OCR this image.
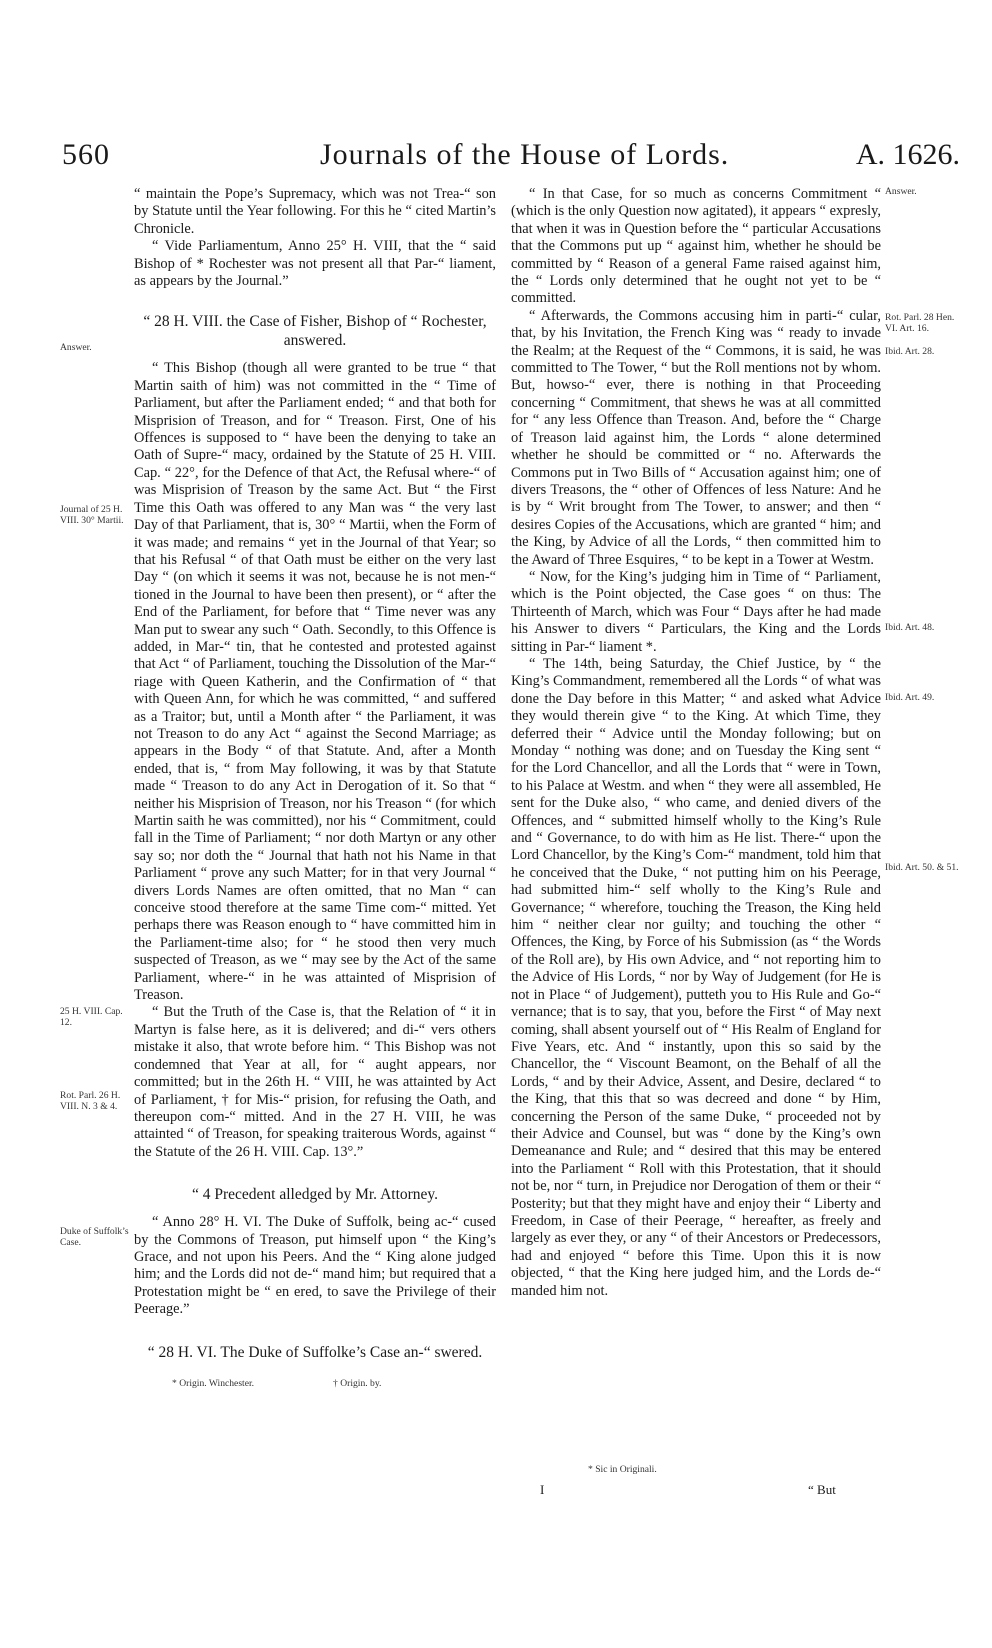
560	Journals of the House of Lords.	A. 1626.

“ maintain the Pope’s Supremacy, which was not Trea-“ son by Statute until the Year following. For this he “ cited Martin’s Chronicle.

“ Vide Parliamentum, Anno 25° H. VIII, that the “ said Bishop of * Rochester was not present all that Par-“ liament, as appears by the Journal.”

“ 28 H. VIII. the Case of Fisher, Bishop of “ Rochester, answered.

“ This Bishop (though all were granted to be true “ that Martin saith of him) was not committed in the “ Time of Parliament, but after the Parliament ended; “ and that both for Misprision of Treason, and for “ Treason. First, One of his Offences is supposed to “ have been the denying to take an Oath of Supre-“ macy, ordained by the Statute of 25 H. VIII. Cap. “ 22°, for the Defence of that Act, the Refusal where-“ of was Misprision of Treason by the same Act. But “ the First Time this Oath was offered to any Man was “ the very last Day of that Parliament, that is, 30° “ Martii, when the Form of it was made; and remains “ yet in the Journal of that Year; so that his Refusal “ of that Oath must be either on the very last Day “ (on which it seems it was not, because he is not men-“ tioned in the Journal to have been then present), or “ after the End of the Parliament, for before that “ Time never was any Man put to swear any such “ Oath. Secondly, to this Offence is added, in Mar-“ tin, that he contested and protested against that Act “ of Parliament, touching the Dissolution of the Mar-“ riage with Queen Katherin, and the Confirmation of “ that with Queen Ann, for which he was committed, “ and suffered as a Traitor; but, until a Month after “ the Parliament, it was not Treason to do any Act “ against the Second Marriage; as appears in the Body “ of that Statute. And, after a Month ended, that is, “ from May following, it was by that Statute made “ Treason to do any Act in Derogation of it. So that “ neither his Misprision of Treason, nor his Treason “ (for which Martin saith he was committed), nor his “ Commitment, could fall in the Time of Parliament; “ nor doth Martyn or any other say so; nor doth the “ Journal that hath not his Name in that Parliament “ prove any such Matter; for in that very Journal “ divers Lords Names are often omitted, that no Man “ can conceive stood therefore at the same Time com-“ mitted. Yet perhaps there was Reason enough to “ have committed him in the Parliament-time also; for “ he stood then very much suspected of Treason, as we “ may see by the Act of the same Parliament, where-“ in he was attainted of Misprision of Treason.

“ But the Truth of the Case is, that the Relation of “ it in Martyn is false here, as it is delivered; and di-“ vers others mistake it also, that wrote before him. “ This Bishop was not condemned that Year at all, for “ aught appears, nor committed; but in the 26th H. “ VIII, he was attainted by Act of Parliament, † for Mis-“ prision, for refusing the Oath, and thereupon com-“ mitted. And in the 27 H. VIII, he was attainted “ of Treason, for speaking traiterous Words, against “ the Statute of the 26 H. VIII. Cap. 13°.”

“ 4 Precedent alledged by Mr. Attorney.

“ Anno 28° H. VI. The Duke of Suffolk, being ac-“ cused by the Commons of Treason, put himself upon “ the King’s Grace, and not upon his Peers. And the “ King alone judged him; and the Lords did not de-“ mand him; but required that a Protestation might be “ en ered, to save the Privilege of their Peerage.”

“ 28 H. VI. The Duke of Suffolke’s Case an-“ swered.

“ In that Case, for so much as concerns Commitment “ (which is the only Question now agitated), it appears “ expresly, that when it was in Question before the “ particular Accusations that the Commons put up “ against him, whether he should be committed by “ Reason of a general Fame raised against him, the “ Lords only determined that he ought not yet to be “ committed.

“ Afterwards, the Commons accusing him in parti-“ cular, that, by his Invitation, the French King was “ ready to invade the Realm; at the Request of the “ Commons, it is said, he was committed to The Tower, “ but the Roll mentions not by whom. But, howso-“ ever, there is nothing in that Proceeding concerning “ Commitment, that shews he was at all committed for “ any less Offence than Treason. And, before the “ Charge of Treason laid against him, the Lords “ alone determined whether he should be committed or “ no. Afterwards the Commons put in Two Bills of “ Accusation against him; one of divers Treasons, the “ other of Offences of less Nature: And he is by “ Writ brought from The Tower, to answer; and then “ desires Copies of the Accusations, which are granted “ him; and the King, by Advice of all the Lords, “ then committed him to the Award of Three Esquires, “ to be kept in a Tower at Westm.

“ Now, for the King’s judging him in Time of “ Parliament, which is the Point objected, the Case goes “ on thus: The Thirteenth of March, which was Four “ Days after he had made his Answer to divers “ Particulars, the King and the Lords sitting in Par-“ liament *.

“ The 14th, being Saturday, the Chief Justice, by “ the King’s Commandment, remembered all the Lords “ of what was done the Day before in this Matter; “ and asked what Advice they would therein give “ to the King. At which Time, they deferred their “ Advice until the Monday following; but on Monday “ nothing was done; and on Tuesday the King sent “ for the Lord Chancellor, and all the Lords that “ were in Town, to his Palace at Westm. and when “ they were all assembled, He sent for the Duke also, “ who came, and denied divers of the Offences, and “ submitted himself wholly to the King’s Rule and “ Governance, to do with him as He list. There-“ upon the Lord Chancellor, by the King’s Com-“ mandment, told him that he conceived that the Duke, “ not putting him on his Peerage, had submitted him-“ self wholly to the King’s Rule and Governance; “ wherefore, touching the Treason, the King held him “ neither clear nor guilty; and touching the other “ Offences, the King, by Force of his Submission (as “ the Words of the Roll are), by His own Advice, and “ not reporting him to the Advice of His Lords, “ nor by Way of Judgement (for He is not in Place “ of Judgement), putteth you to His Rule and Go-“ vernance; that is to say, that you, before the First “ of May next coming, shall absent yourself out of “ His Realm of England for Five Years, etc. And “ instantly, upon this so said by the Chancellor, the “ Viscount Beamont, on the Behalf of all the Lords, “ and by their Advice, Assent, and Desire, declared “ to the King, that this that so was decreed and done “ by Him, concerning the Person of the same Duke, “ proceeded not by their Advice and Counsel, but was “ done by the King’s own Demeanance and Rule; and “ desired that this may be entered into the Parliament “ Roll with this Protestation, that it should not be, nor “ turn, in Prejudice nor Derogation of them or their “ Posterity; but that they might have and enjoy their “ Liberty and Freedom, in Case of their Peerage, “ hereafter, as freely and largely as ever they, or any “ of their Ancestors or Predecessors, had and enjoyed “ before this Time. Upon this it is now objected, “ that the King here judged him, and the Lords de-“ manded him not.

Answer.
Journal of 25 H. VIII. 30° Martii.
25 H. VIII. Cap. 12.
Rot. Parl. 26 H. VIII. N. 3 & 4.
Duke of Suffolk’s Case.
Answer.
Rot. Parl. 28 Hen. VI. Art. 16.
Ibid. Art. 28.
Ibid. Art. 48.
Ibid. Art. 49.
Ibid. Art. 50. & 51.
* Origin. Winchester.	† Origin. by.
* Sic in Originali.
I	“ But
